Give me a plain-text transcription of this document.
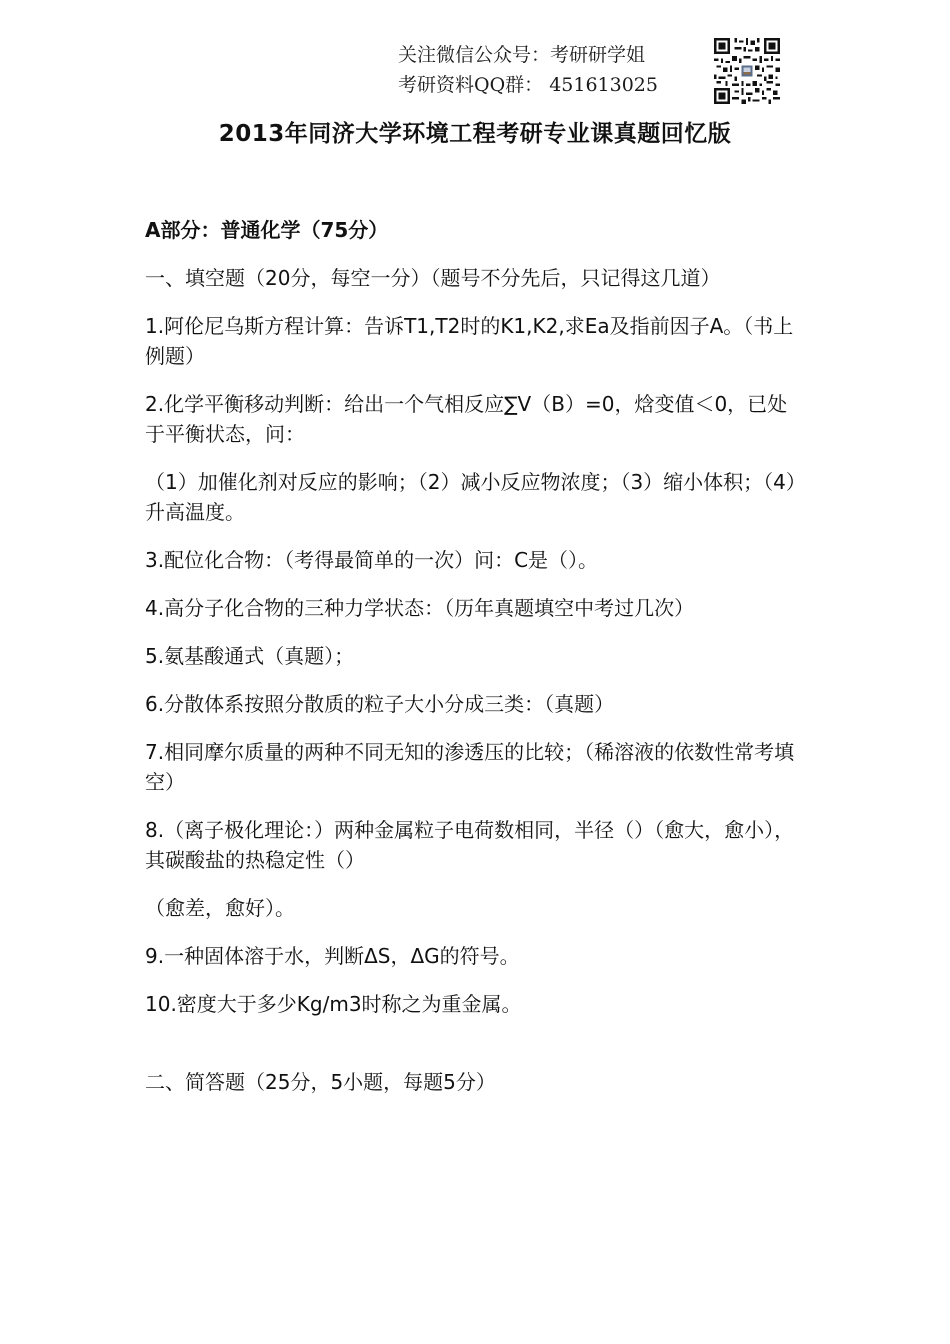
关注微信公众号：考研研学姐
考研资料QQ群： 451613025
2013年同济大学环境工程考研专业课真题回忆版

A部分：普通化学（75分）

一、填空题（20分，每空一分）（题号不分先后，只记得这几道）

1.阿伦尼乌斯方程计算：告诉T1,T2时的K1,K2,求Ea及指前因子A。（书上例题）

2.化学平衡移动判断：给出一个气相反应∑V（B）=0，焓变值＜0，已处于平衡状态，问：

（1）加催化剂对反应的影响；（2）减小反应物浓度；（3）缩小体积；（4）升高温度。

3.配位化合物：（考得最简单的一次）问：C是（）。

4.高分子化合物的三种力学状态：（历年真题填空中考过几次）

5.氨基酸通式（真题）；

6.分散体系按照分散质的粒子大小分成三类：（真题）

7.相同摩尔质量的两种不同无知的渗透压的比较；（稀溶液的依数性常考填空）

8.（离子极化理论：）两种金属粒子电荷数相同，半径（）（愈大，愈小），其碳酸盐的热稳定性（）

（愈差，愈好）。

9.一种固体溶于水，判断ΔS，ΔG的符号。

10.密度大于多少Kg/m3时称之为重金属。

二、简答题（25分，5小题，每题5分）
